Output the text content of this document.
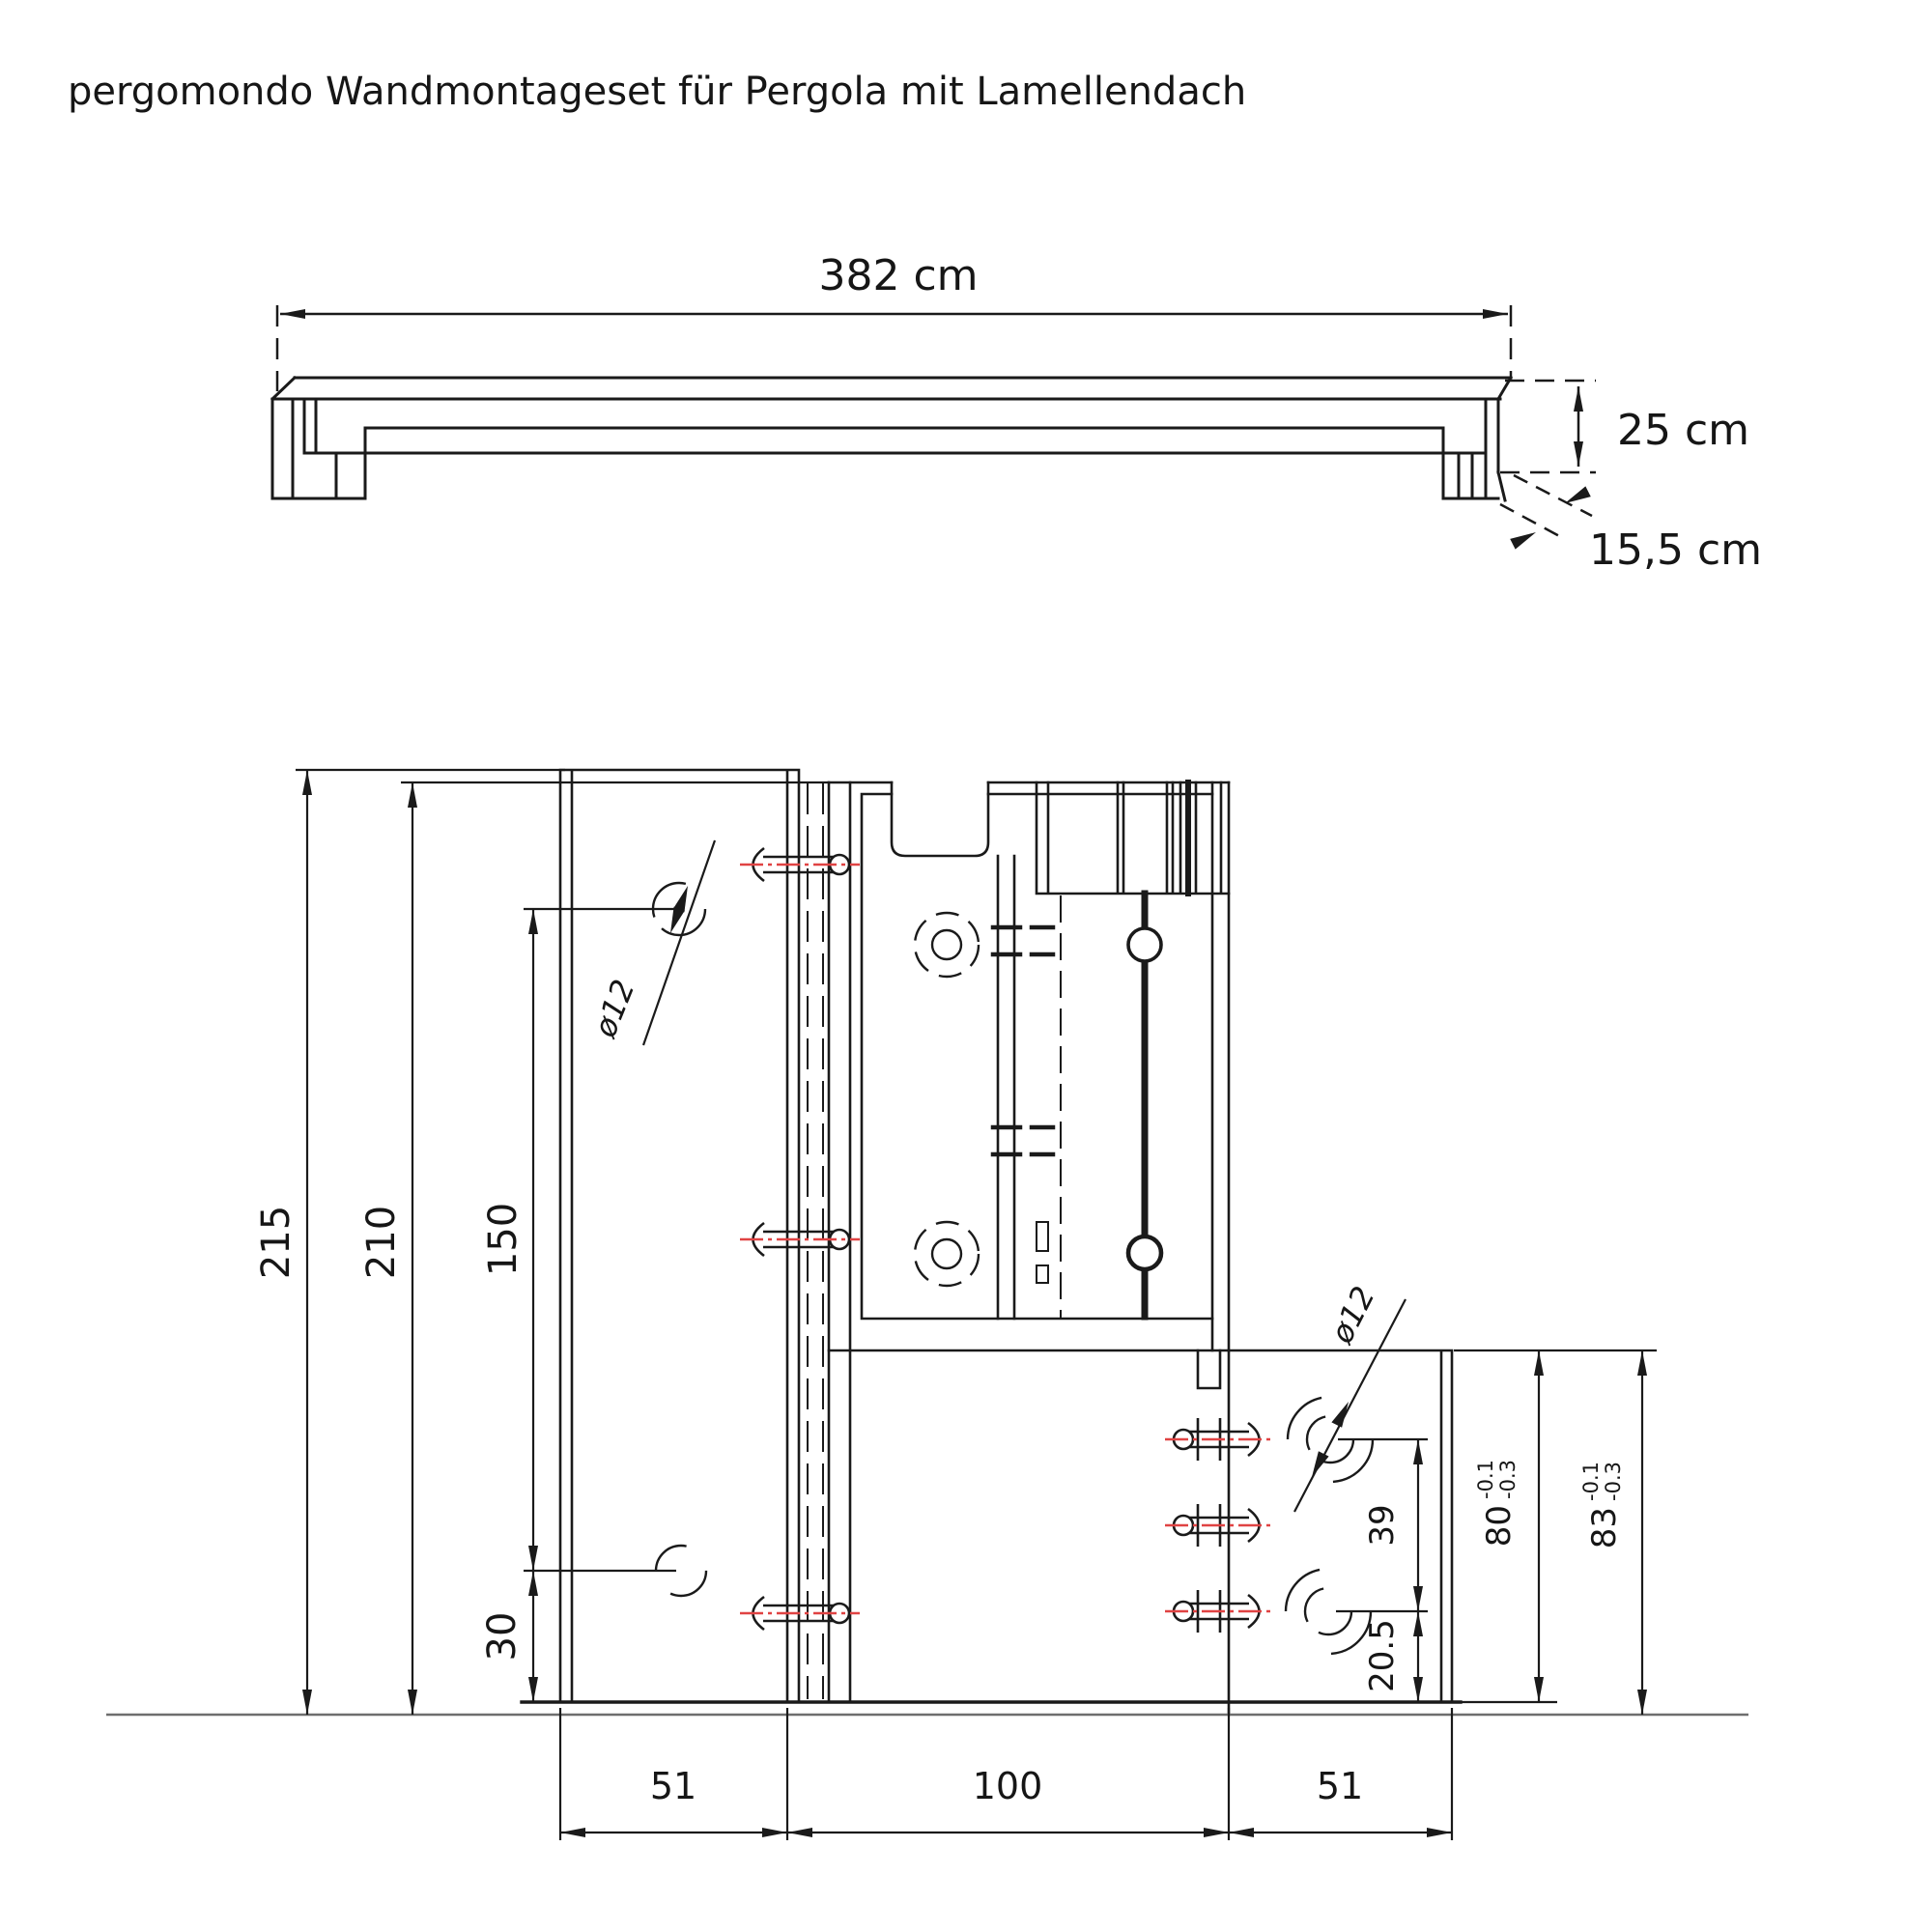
pergomondo Wandmontageset für Pergola mit Lamellendach
382 cm
25 cm
15,5 cm
215 210 150
30
51	100	51
ø12
ø12
39
20.5
80
-0.1 -0.3
83
-0.1 -0.3
